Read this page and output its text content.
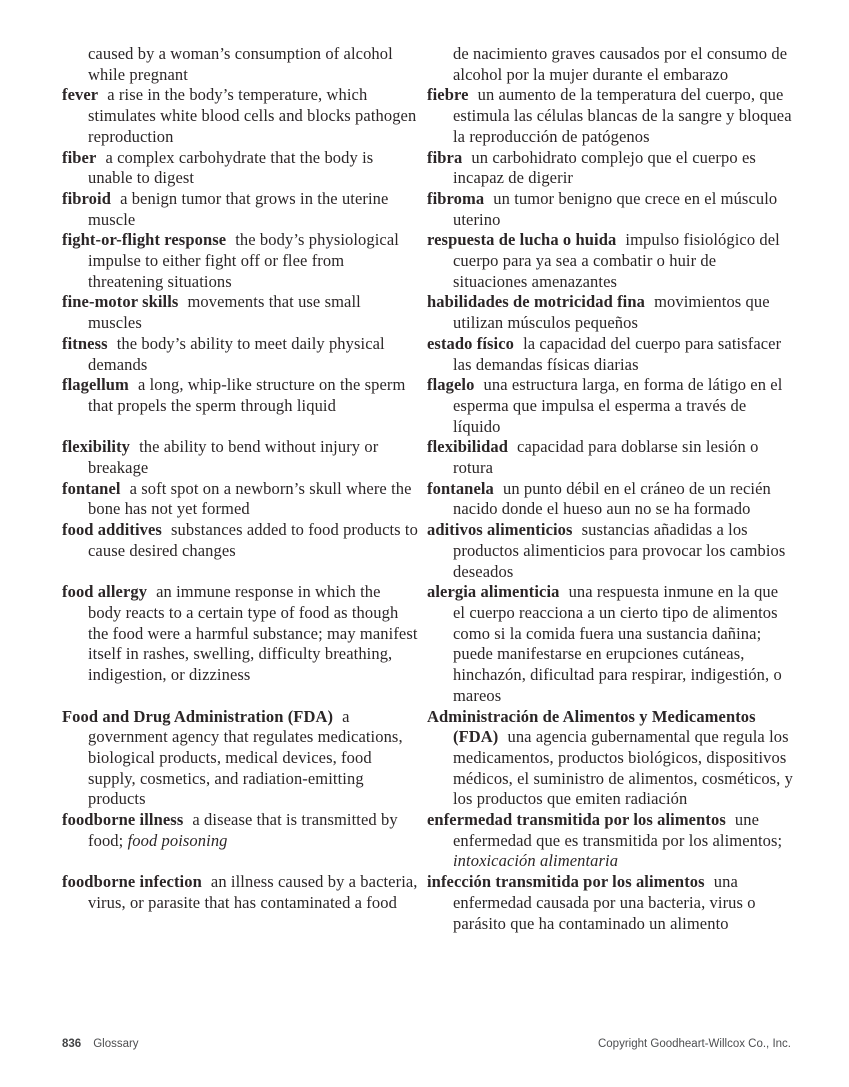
caused by a woman’s consumption of alcohol while pregnant

de nacimiento graves causados por el consumo de alcohol por la mujer durante el embarazo

fever a rise in the body’s temperature, which stimulates white blood cells and blocks pathogen reproduction

fiebre un aumento de la temperatura del cuerpo, que estimula las células blancas de la sangre y bloquea la reproducción de patógenos

fiber a complex carbohydrate that the body is unable to digest

fibra un carbohidrato complejo que el cuerpo es incapaz de digerir

fibroid a benign tumor that grows in the uterine muscle

fibroma un tumor benigno que crece en el músculo uterino

fight-or-flight response the body’s physiological impulse to either fight off or flee from threatening situations

respuesta de lucha o huida impulso fisiológico del cuerpo para ya sea a combatir o huir de situaciones amenazantes

fine-motor skills movements that use small muscles

habilidades de motricidad fina movimientos que utilizan músculos pequeños

fitness the body’s ability to meet daily physical demands

estado físico la capacidad del cuerpo para satisfacer las demandas físicas diarias

flagellum a long, whip-like structure on the sperm that propels the sperm through liquid

flagelo una estructura larga, en forma de látigo en el esperma que impulsa el esperma a través de líquido

flexibility the ability to bend without injury or breakage

flexibilidad capacidad para doblarse sin lesión o rotura

fontanel a soft spot on a newborn’s skull where the bone has not yet formed

fontanela un punto débil en el cráneo de un recién nacido donde el hueso aun no se ha formado

food additives substances added to food products to cause desired changes

aditivos alimenticios sustancias añadidas a los productos alimenticios para provocar los cambios deseados

food allergy an immune response in which the body reacts to a certain type of food as though the food were a harmful substance; may manifest itself in rashes, swelling, difficulty breathing, indigestion, or dizziness

alergia alimenticia una respuesta inmune en la que el cuerpo reacciona a un cierto tipo de alimentos como si la comida fuera una sustancia dañina; puede manifestarse en erupciones cutáneas, hinchazón, dificultad para respirar, indigestión, o mareos

Food and Drug Administration (FDA) a government agency that regulates medications, biological products, medical devices, food supply, cosmetics, and radiation-emitting products

Administración de Alimentos y Medicamentos (FDA) una agencia gubernamental que regula los medicamentos, productos biológicos, dispositivos médicos, el suministro de alimentos, cosméticos, y los productos que emiten radiación

foodborne illness a disease that is transmitted by food; food poisoning

enfermedad transmitida por los alimentos une enfermedad que es transmitida por los alimentos; intoxicación alimentaria

foodborne infection an illness caused by a bacteria, virus, or parasite that has contaminated a food

infección transmitida por los alimentos una enfermedad causada por una bacteria, virus o parásito que ha contaminado un alimento

836 Glossary	Copyright Goodheart-Willcox Co., Inc.
